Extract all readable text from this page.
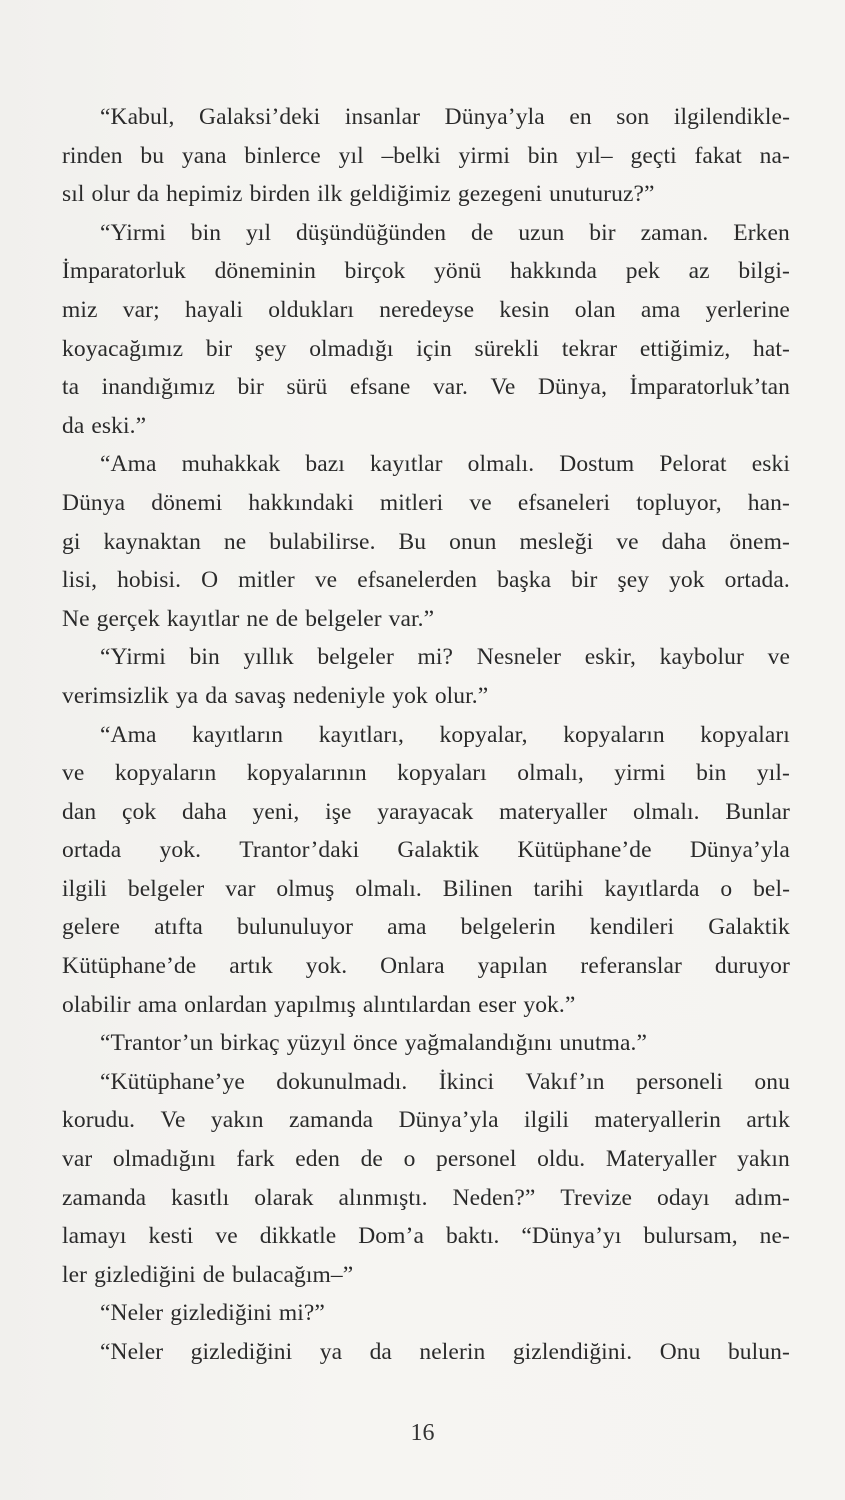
“Kabul, Galaksi’deki insanlar Dünya’yla en son ilgilendikle-
rinden bu yana binlerce yıl –belki yirmi bin yıl– geçti fakat na-
sıl olur da hepimiz birden ilk geldiğimiz gezegeni unuturuz?”
“Yirmi bin yıl düşündüğünden de uzun bir zaman. Erken
İmparatorluk döneminin birçok yönü hakkında pek az bilgi-
miz var; hayali oldukları neredeyse kesin olan ama yerlerine
koyacağımız bir şey olmadığı için sürekli tekrar ettiğimiz, hat-
ta inandığımız bir sürü efsane var. Ve Dünya, İmparatorluk’tan
da eski.”
“Ama muhakkak bazı kayıtlar olmalı. Dostum Pelorat eski
Dünya dönemi hakkındaki mitleri ve efsaneleri topluyor, han-
gi kaynaktan ne bulabilirse. Bu onun mesleği ve daha önem-
lisi, hobisi. O mitler ve efsanelerden başka bir şey yok ortada.
Ne gerçek kayıtlar ne de belgeler var.”
“Yirmi bin yıllık belgeler mi? Nesneler eskir, kaybolur ve
verimsizlik ya da savaş nedeniyle yok olur.”
“Ama kayıtların kayıtları, kopyalar, kopyaların kopyaları
ve kopyaların kopyalarının kopyaları olmalı, yirmi bin yıl-
dan çok daha yeni, işe yarayacak materyaller olmalı. Bunlar
ortada yok. Trantor’daki Galaktik Kütüphane’de Dünya’yla
ilgili belgeler var olmuş olmalı. Bilinen tarihi kayıtlarda o bel-
gelere atıfta bulunuluyor ama belgelerin kendileri Galaktik
Kütüphane’de artık yok. Onlara yapılan referanslar duruyor
olabilir ama onlardan yapılmış alıntılardan eser yok.”
“Trantor’un birkaç yüzyıl önce yağmalandığını unutma.”
“Kütüphane’ye dokunulmadı. İkinci Vakıf’ın personeli onu
korudu. Ve yakın zamanda Dünya’yla ilgili materyallerin artık
var olmadığını fark eden de o personel oldu. Materyaller yakın
zamanda kasıtlı olarak alınmıştı. Neden?” Trevize odayı adım-
lamayı kesti ve dikkatle Dom’a baktı. “Dünya’yı bulursam, ne-
ler gizlediğini de bulacağım–”
“Neler gizlediğini mi?”
“Neler gizlediğini ya da nelerin gizlendiğini. Onu bulun-
16
